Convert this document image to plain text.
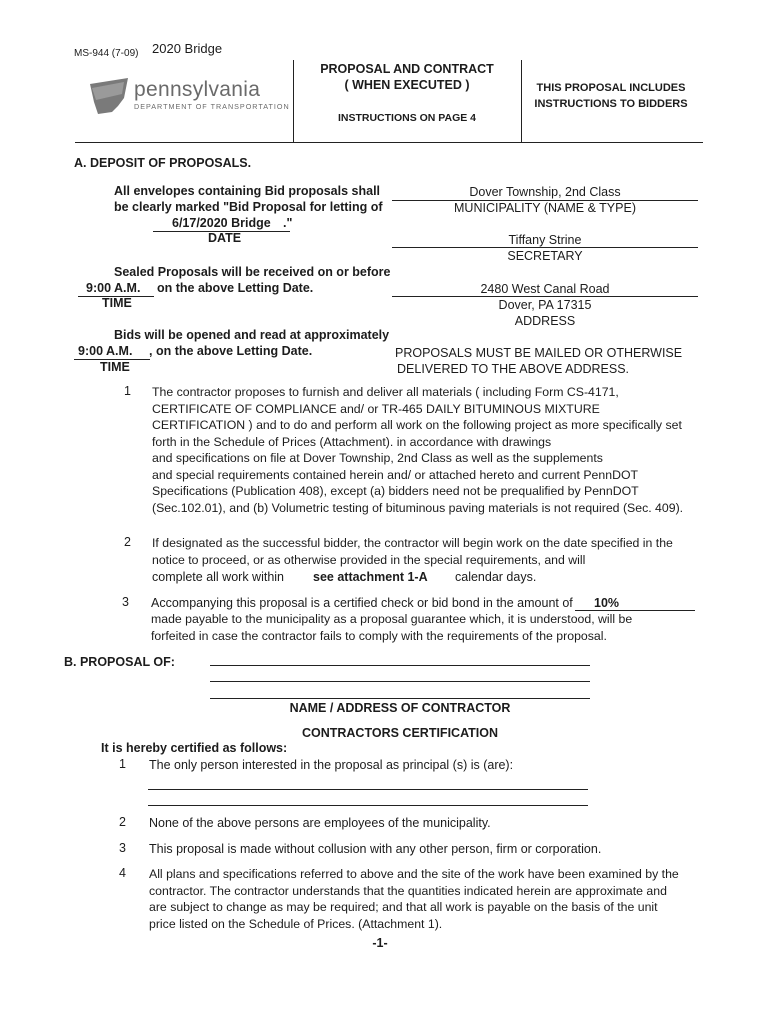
MS-944 (7-09) 2020 Bridge
pennsylvania
DEPARTMENT OF TRANSPORTATION
PROPOSAL AND CONTRACT
( WHEN EXECUTED )
INSTRUCTIONS ON PAGE 4
THIS PROPOSAL INCLUDES
INSTRUCTIONS TO BIDDERS
A. DEPOSIT OF PROPOSALS.
All envelopes containing Bid proposals shall
be clearly marked "Bid Proposal for letting of
6/17/2020 Bridge ."
DATE
Sealed Proposals will be received on or before
9:00 A.M. on the above Letting Date.
TIME
Bids will be opened and read at approximately
9:00 A.M. , on the above Letting Date.
TIME
Dover Township, 2nd Class
MUNICIPALITY (NAME & TYPE)
Tiffany Strine
SECRETARY
2480 West Canal Road
Dover, PA 17315
ADDRESS
PROPOSALS MUST BE MAILED OR OTHERWISE
DELIVERED TO THE ABOVE ADDRESS.
1 The contractor proposes to furnish and deliver all materials ( including Form CS-4171,
CERTIFICATE OF COMPLIANCE and/ or TR-465 DAILY BITUMINOUS MIXTURE
CERTIFICATION ) and to do and perform all work on the following project as more specifically set
forth in the Schedule of Prices (Attachment). in accordance with drawings
and specifications on file at Dover Township, 2nd Class as well as the supplements
and special requirements contained herein and/ or attached hereto and current PennDOT
Specifications (Publication 408), except (a) bidders need not be prequalified by PennDOT
(Sec.102.01), and (b) Volumetric testing of bituminous paving materials is not required (Sec. 409).
2 If designated as the successful bidder, the contractor will begin work on the date specified in the
notice to proceed, or as otherwise provided in the special requirements, and will
complete all work within see attachment 1-A calendar days.
3 Accompanying this proposal is a certified check or bid bond in the amount of 10%
made payable to the municipality as a proposal guarantee which, it is understood, will be
forfeited in case the contractor fails to comply with the requirements of the proposal.
B. PROPOSAL OF:
NAME / ADDRESS OF CONTRACTOR
CONTRACTORS CERTIFICATION
It is hereby certified as follows:
1 The only person interested in the proposal as principal (s) is (are):
2 None of the above persons are employees of the municipality.
3 This proposal is made without collusion with any other person, firm or corporation.
4 All plans and specifications referred to above and the site of the work have been examined by the
contractor. The contractor understands that the quantities indicated herein are approximate and
are subject to change as may be required; and that all work is payable on the basis of the unit
price listed on the Schedule of Prices. (Attachment 1).
-1-
